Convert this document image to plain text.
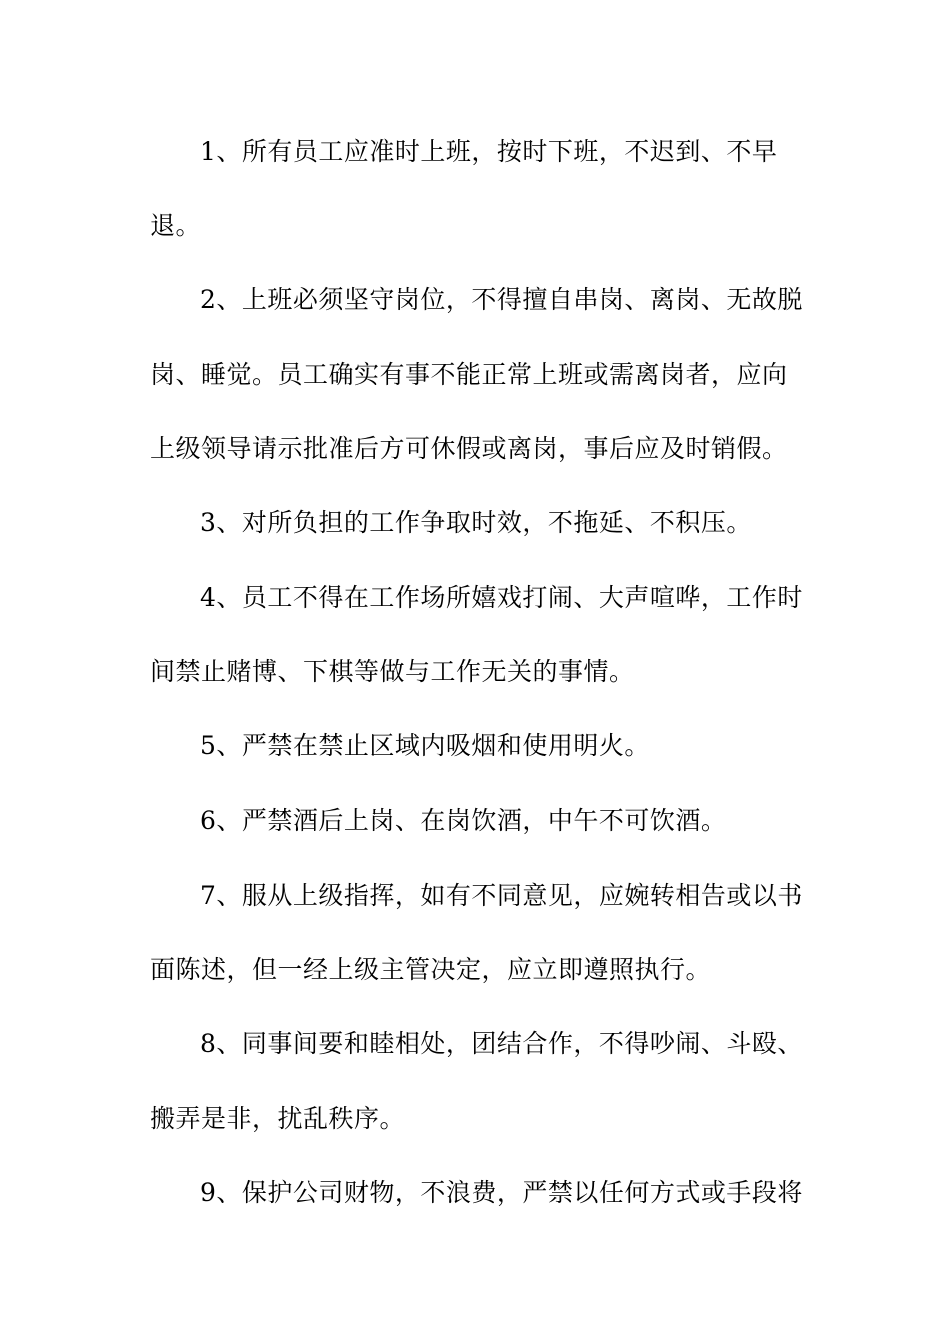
1、所有员工应准时上班，按时下班，不迟到、不早
退。
2、上班必须坚守岗位，不得擅自串岗、离岗、无故脱
岗、睡觉。员工确实有事不能正常上班或需离岗者，应向
上级领导请示批准后方可休假或离岗，事后应及时销假。
3、对所负担的工作争取时效，不拖延、不积压。
4、员工不得在工作场所嬉戏打闹、大声喧哗，工作时
间禁止赌博、下棋等做与工作无关的事情。
5、严禁在禁止区域内吸烟和使用明火。
6、严禁酒后上岗、在岗饮酒，中午不可饮酒。
7、服从上级指挥，如有不同意见，应婉转相告或以书
面陈述，但一经上级主管决定，应立即遵照执行。
8、同事间要和睦相处，团结合作，不得吵闹、斗殴、
搬弄是非，扰乱秩序。
9、保护公司财物，不浪费，严禁以任何方式或手段将
